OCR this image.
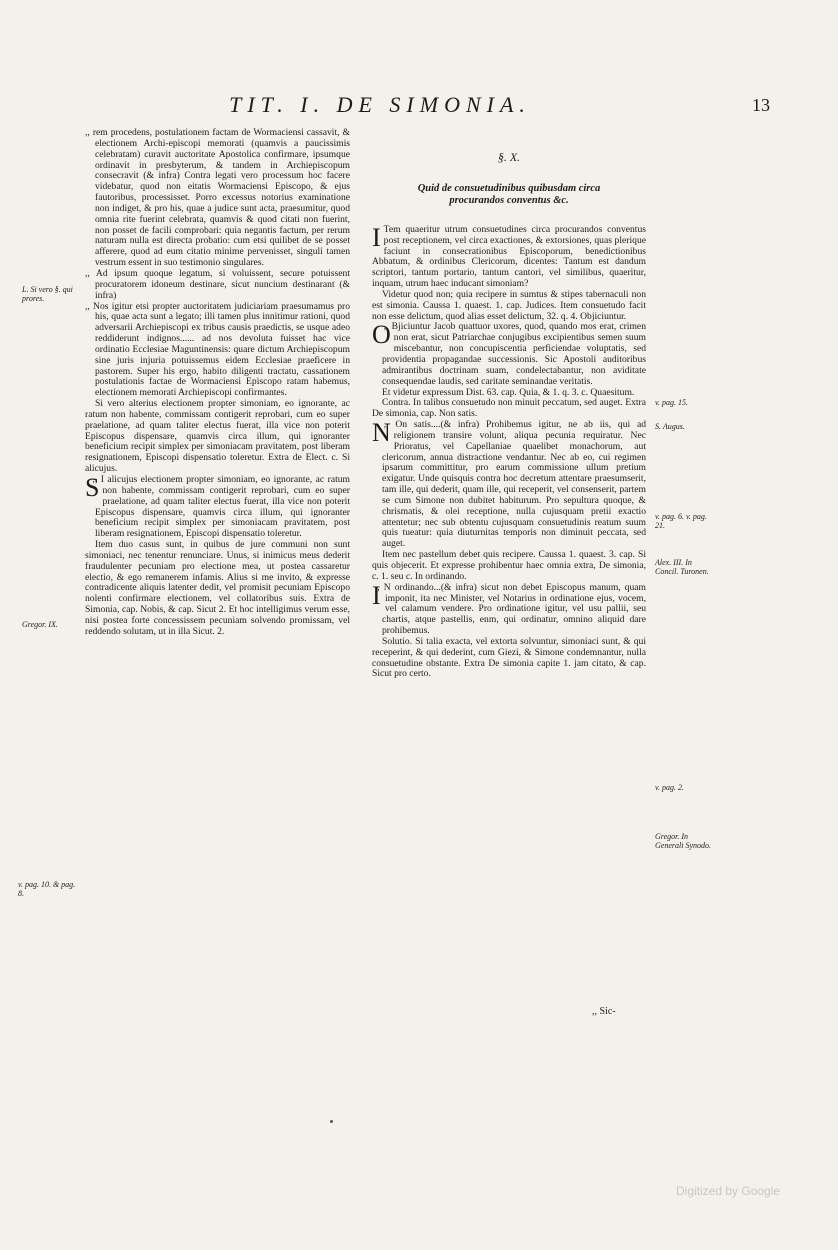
TIT. I. DE SIMONIA.	13
L. Si vero §. qui prores.
Gregor. IX.
v. pag. 10. & pag. 8.
v. pag. 15.
S. Augus.
v. pag. 6. v. pag. 21.
Alex. III. In Concil. Turonen.
v. pag. 2.
Gregor. In Generali Synodo.

,, rem procedens, postulationem factam de Wormaciensi cassavit, & electionem Archi-episcopi memorati (quamvis a paucissimis celebratam) curavit auctoritate Apostolica confirmare, ipsumque ordinavit in presbyterum, & tandem in Archiepiscopum consecravit (& infra) Contra legati vero processum hoc facere videbatur, quod non eitatis Wormaciensi Episcopo, & ejus fautoribus, processisset. Porro excessus notorius examinatione non indiget, & pro his, quae a judice sunt acta, praesumitur, quod omnia rite fuerint celebrata, quamvis & quod citati non fuerint, non posset de facili comprobari: quia negantis factum, per rerum naturam nulla est directa probatio: cum etsi quilibet de se posset afferere, quod ad eum citatio minime pervenisset, singuli tamen vestrum essent in suo testimonio singulares.

,, Ad ipsum quoque legatum, si voluissent, secure potuissent procuratorem idoneum destinare, sicut nuncium destinarant (& infra)

,, Nos igitur etsi propter auctoritatem judiciariam praesumamus pro his, quae acta sunt a legato; illi tamen plus innitimur rationi, quod adversarii Archiepiscopi ex tribus causis praedictis, se usque adeo reddiderunt indignos...... ad nos devoluta fuisset hac vice ordinatio Ecclesiae Maguntinensis: quare dictum Archiepiscopum sine juris injuria potuissemus eidem Ecclesiae praeficere in pastorem. Super his ergo, habito diligenti tractatu, cassationem postulationis factae de Wormaciensi Episcopo ratam habemus, electionem memorati Archiepiscopi confirmantes.

Si vero alterius electionem propter simoniam, eo ignorante, ac ratum non habente, commissam contigerit reprobari, cum eo super praelatione, ad quam taliter electus fuerat, illa vice non poterit Episcopus dispensare, quamvis circa illum, qui ignoranter beneficium recipit simplex per simoniacam pravitatem, post liberam resignationem, Episcopi dispensatio toleretur. Extra de Elect. c. Si alicujus.

,, S I alicujus electionem propter simoniam, eo ignorante, ac ratum non habente, commissam contigerit reprobari, cum eo super praelatione, ad quam taliter electus fuerat, illa vice non poterit Episcopus dispensare, quamvis circa illum, qui ignoranter beneficium recipit simplex per simoniacam pravitatem, post liberam resignationem, Episcopi dispensatio toleretur.

Item duo casus sunt, in quibus de jure communi non sunt simoniaci, nec tenentur renunciare. Unus, si inimicus meus dederit fraudulenter pecuniam pro electione mea, ut postea cassaretur electio, & ego remanerem infamis. Alius si me invito, & expresse contradicente aliquis latenter dedit, vel promisit pecuniam Episcopo nolenti confirmare electionem, vel collatoribus suis. Extra de Simonia, cap. Nobis, & cap. Sicut 2. Et hoc intelligimus verum esse, nisi postea forte concessissem pecuniam solvendo promissam, vel reddendo solutam, ut in illa Sicut. 2.

§. X.
Quid de consuetudinibus quibusdam circa procurandos conventus &c.

I Tem quaeritur utrum consuetudines circa procurandos conventus post receptionem, vel circa exactiones, & extorsiones, quas plerique faciunt in consecrationibus Episcoporum, benedictionibus Abbatum, & ordinibus Clericorum, dicentes: Tantum est dandum scriptori, tantum portario, tantum cantori, vel similibus, quaeritur, inquam, utrum haec inducant simoniam?

Videtur quod non; quia recipere in sumtus & stipes tabernaculi non est simonia. Caussa 1. quaest. 1. cap. Judices. Item consuetudo facit non esse delictum, quod alias esset delictum, 32. q. 4. Objiciuntur.

,, O Bjiciuntur Jacob quattuor uxores, quod, quando mos erat, crimen non erat, sicut Patriarchae conjugibus excipientibus semen suum miscebantur, non concupiscentia perficiendae voluptatis, sed providentia propagandae successionis. Sic Apostoli auditoribus admirantibus doctrinam suam, condelectabantur, non aviditate consequendae laudis, sed caritate seminandae veritatis.

Et videtur expressum Dist. 63. cap. Quia, & 1. q. 3. c. Quaesitum.

Contra. In talibus consuetudo non minuit peccatum, sed auget. Extra De simonia, cap. Non satis.

,, N On satis....(& infra) Prohibemus igitur, ne ab iis, qui ad religionem transire volunt, aliqua pecunia requiratur. Nec Prioratus, vel Capellaniae quaelibet monachorum, aut clericorum, annua distractione vendantur. Nec ab eo, cui regimen ipsarum committitur, pro earum commissione ullum pretium exigatur. Unde quisquis contra hoc decretum attentare praesumserit, tam ille, qui dederit, quam ille, qui receperit, vel consenserit, partem se cum Simone non dubitet habiturum. Pro sepultura quoque, & chrismatis, & olei receptione, nulla cujusquam pretii exactio attentetur; nec sub obtentu cujusquam consuetudinis reatum suum quis tueatur: quia diuturnitas temporis non diminuit peccata, sed auget.

Item nec pastellum debet quis recipere. Caussa 1. quaest. 3. cap. Si quis objecerit. Et expresse prohibentur haec omnia extra, De simonia, c. 1. seu c. In ordinando.

,, I N ordinando...(& infra) sicut non debet Episcopus manum, quam imponit, ita nec Minister, vel Notarius in ordinatione ejus, vocem, vel calamum vendere. Pro ordinatione igitur, vel usu pallii, seu chartis, atque pastellis, enm, qui ordinatur, omnino aliquid dare prohibemus.

Solutio. Si talia exacta, vel extorta solvuntur, simoniaci sunt, & qui receperint, & qui dederint, cum Giezi, & Simone condemnantur, nulla consuetudine obstante. Extra De simonia capite 1. jam citato, & cap. Sicut pro certo.

,, Sic-
Digitized by Google
